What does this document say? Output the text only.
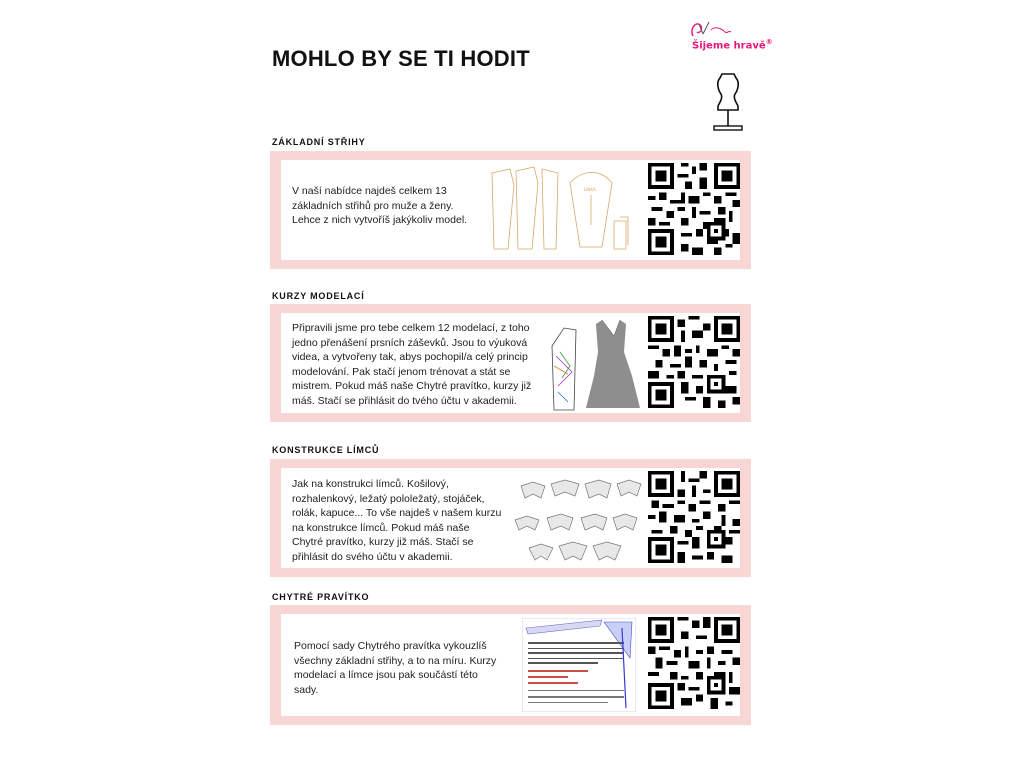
MOHLO BY SE TI HODIT
Šijeme hravě®
ZÁKLADNÍ STŘIHY
V naší nabídce najdeš celkem 13 základních střihů pro muže a ženy. Lehce z nich vytvoříš jakýkoliv model.
LINKA
KURZY MODELACÍ
Připravili jsme pro tebe celkem 12 modelací, z toho jedno přenášení prsních záševků. Jsou to výuková videa, a vytvořeny tak, abys pochopil/a celý princip modelování. Pak stačí jenom trénovat a stát se mistrem. Pokud máš naše Chytré pravítko, kurzy již máš. Stačí se přihlásit do tvého účtu v akademii.
KONSTRUKCE LÍMCŮ
Jak na konstrukci límců. Košilový, rozhalenkový, ležatý pololežatý, stojáček, rolák, kapuce... To vše najdeš v našem kurzu na konstrukce límců. Pokud máš naše Chytré pravítko, kurzy již máš. Stačí se přihlásit do svého účtu v akademii.
CHYTRÉ PRAVÍTKO
Pomocí sady Chytrého pravítka vykouzlíš všechny základní střihy, a to na míru. Kurzy modelací a límce jsou pak součástí této sady.
